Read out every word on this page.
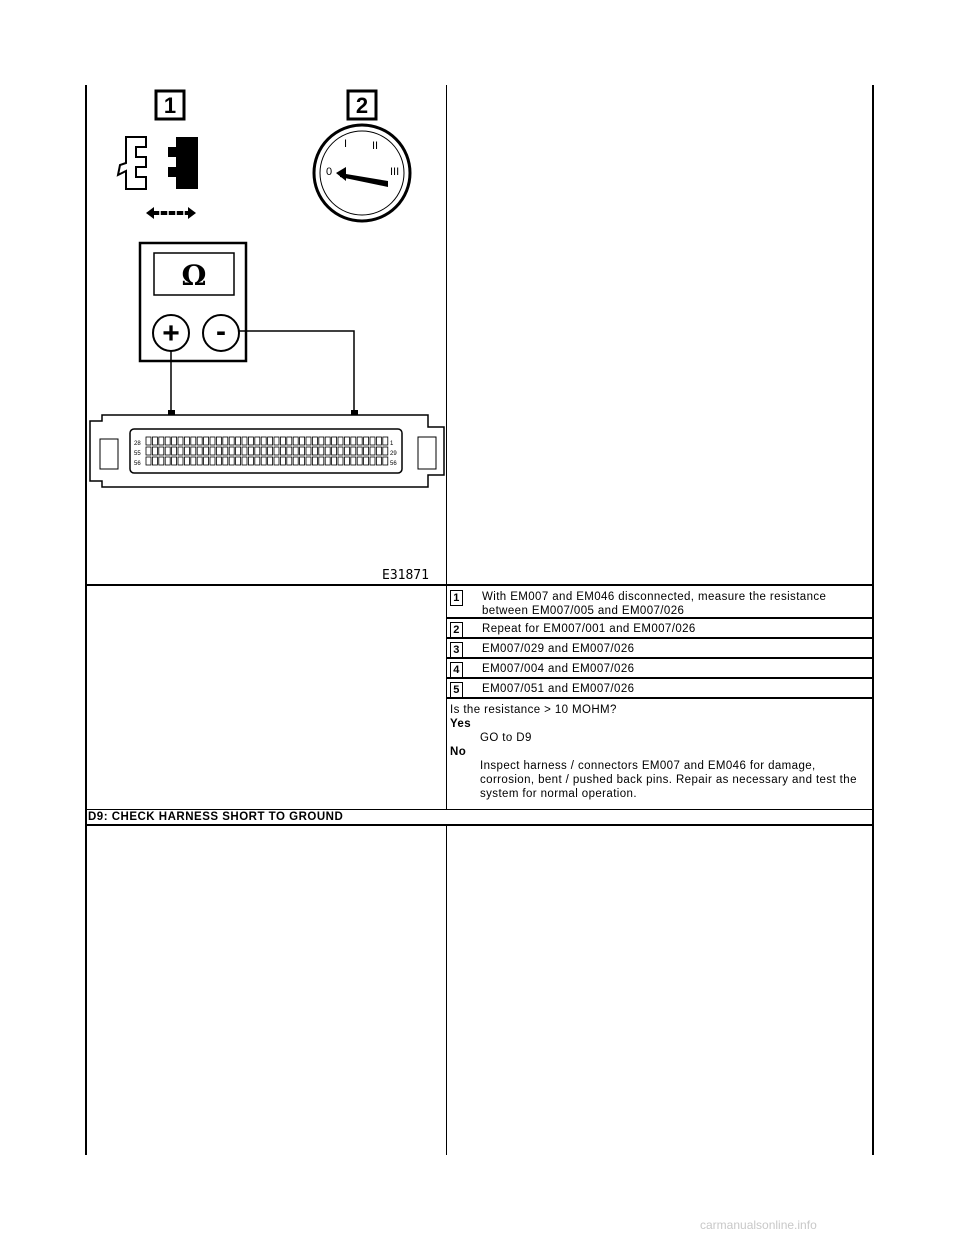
1	2
0
I II
III
Ω
+ -
28
55
56
1
29
56
E31871
1 With EM007 and EM046 disconnected, measure the resistance between EM007/005 and EM007/026
2 Repeat for EM007/001 and EM007/026
3 EM007/029 and EM007/026
4 EM007/004 and EM007/026
5 EM007/051 and EM007/026
Is the resistance > 10 MOHM?
Yes
GO to D9
No
Inspect harness / connectors EM007 and EM046 for damage, corrosion, bent / pushed back pins. Repair as necessary and test the system for normal operation.
D9: CHECK HARNESS SHORT TO GROUND
carmanualsonline.info
